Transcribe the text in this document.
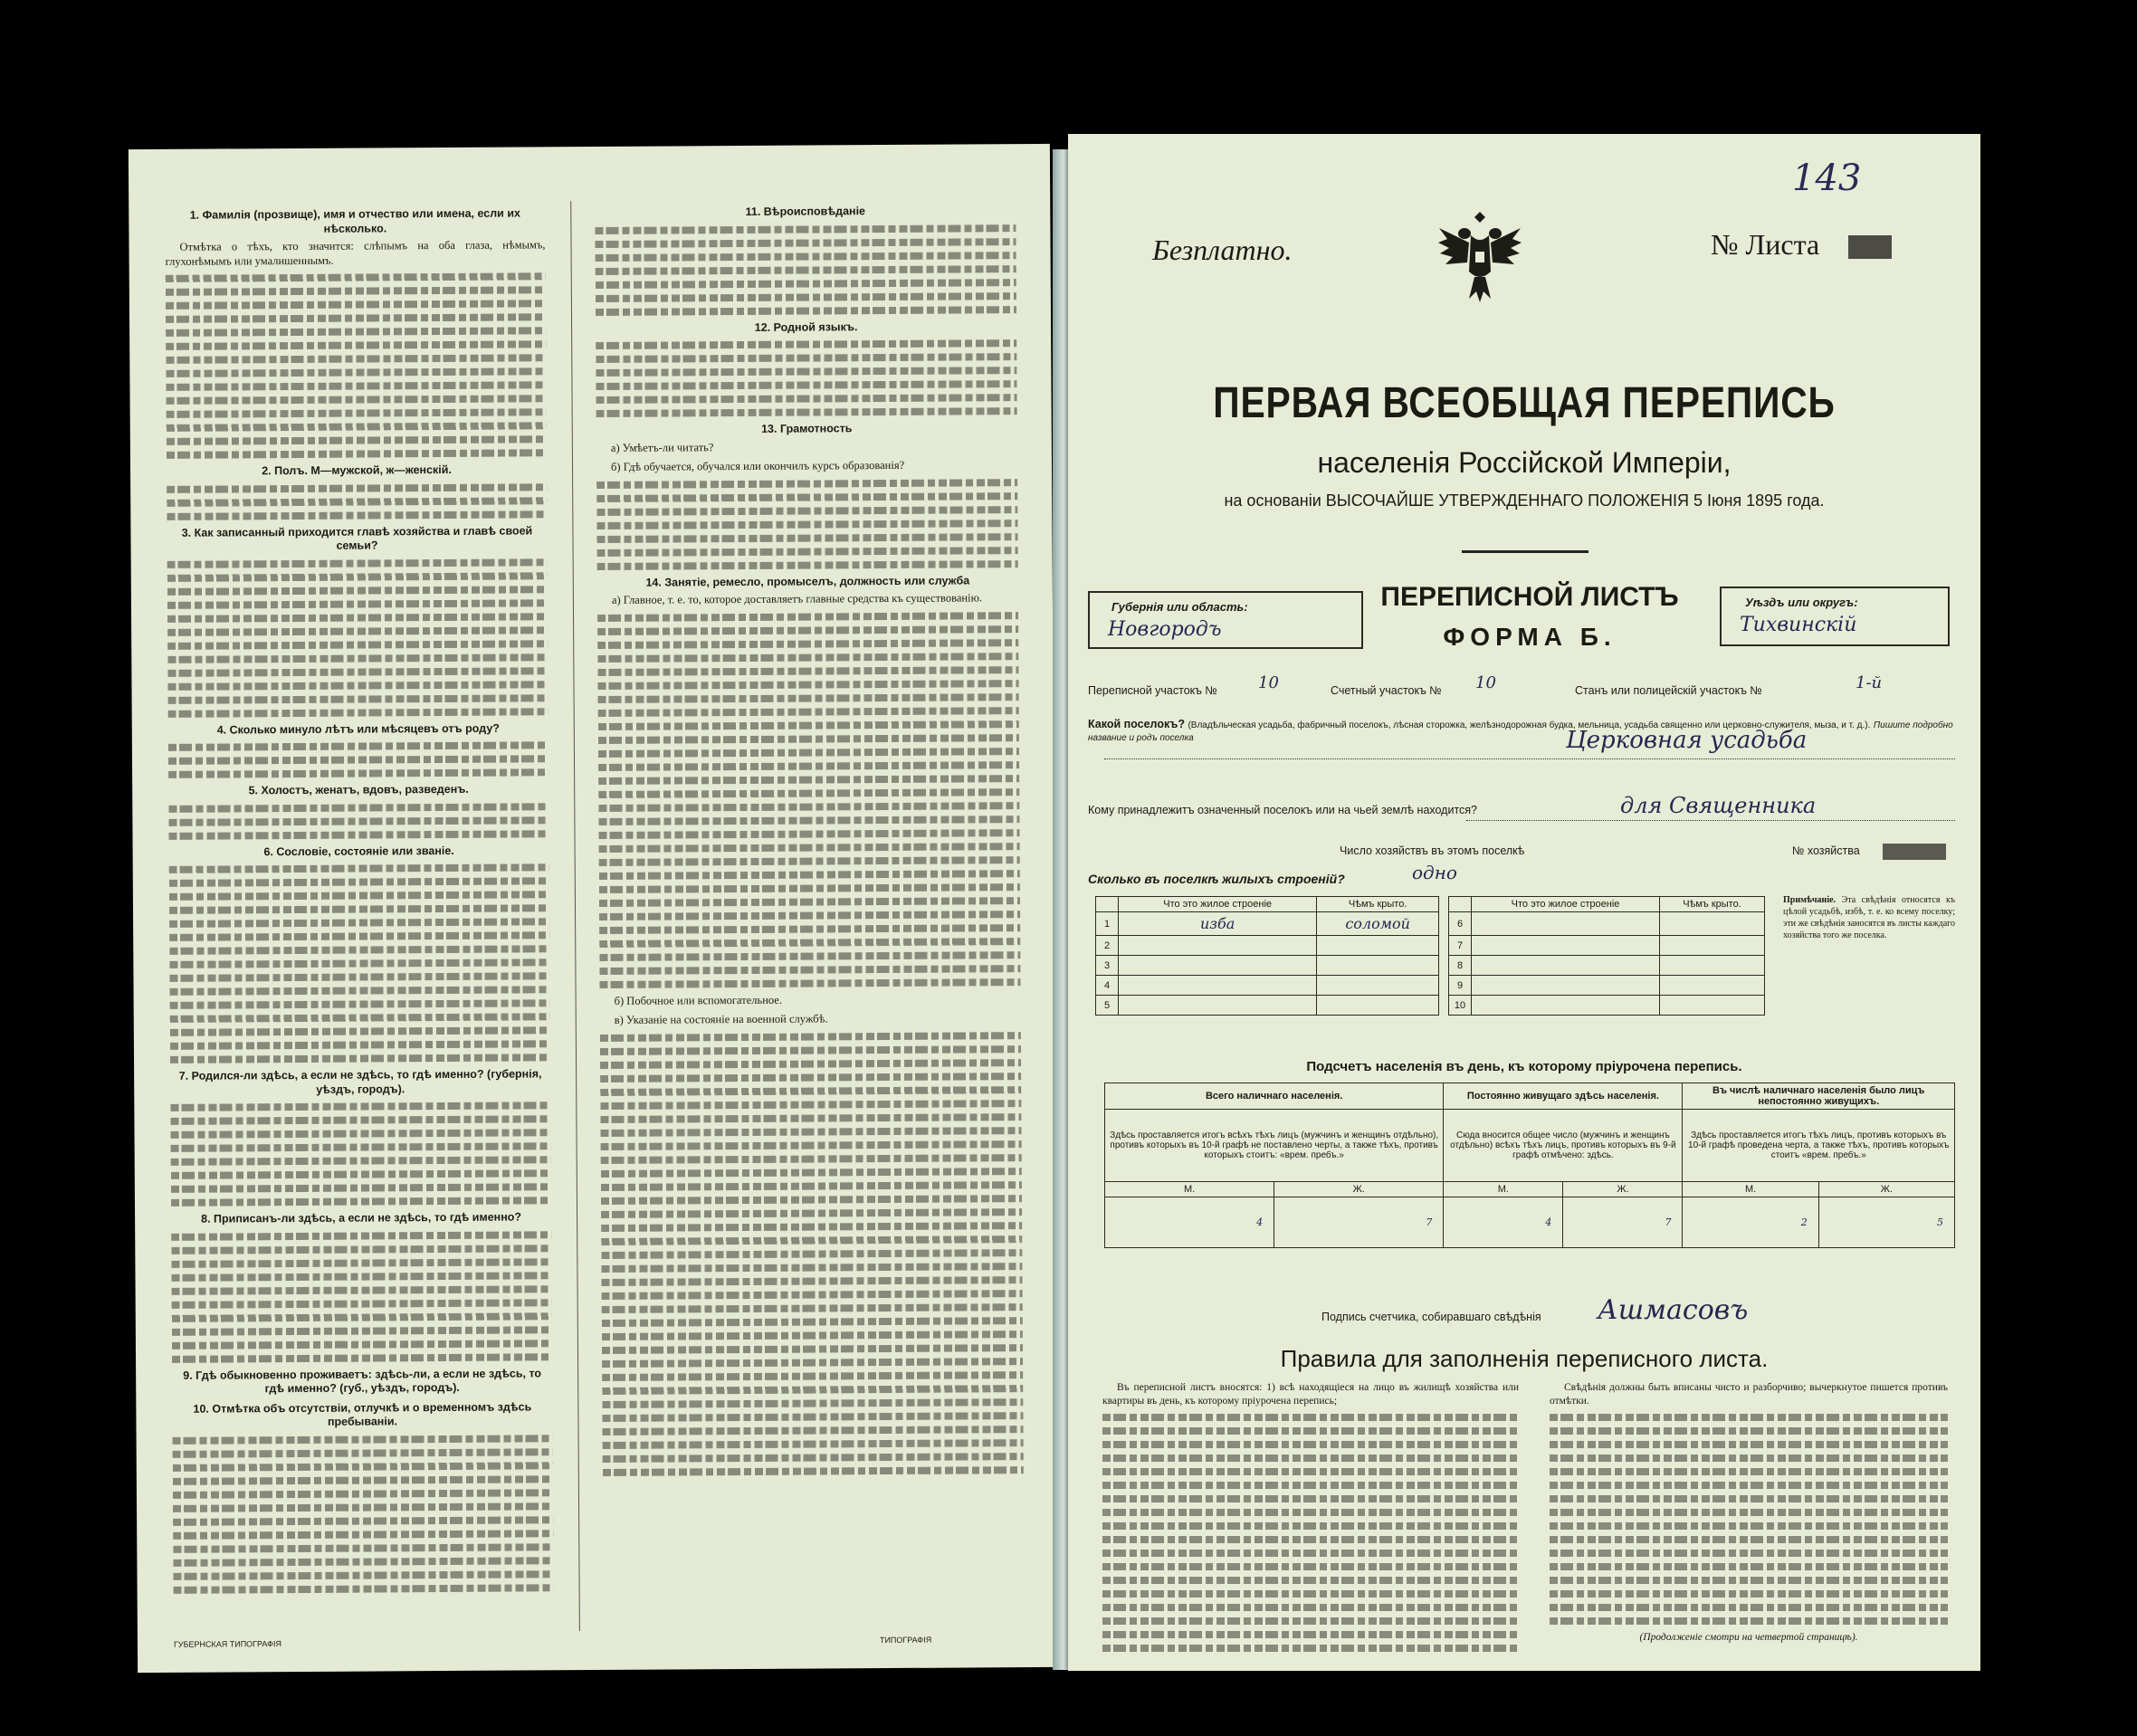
1. Фамилія (прозвище), имя и отчество или имена, если их нѣсколько.
Отмѣтка о тѣхъ, кто значится: слѣпымъ на оба глаза, нѣмымъ, глухонѣмымъ или умалишеннымъ.
2. Полъ. М—мужской, ж—женскій.
3. Как записанный приходится главѣ хозяйства и главѣ своей семьи?
4. Сколько минуло лѣтъ или мѣсяцевъ отъ роду?
5. Холостъ, женатъ, вдовъ, разведенъ.
6. Сословіе, состояніе или званіе.
7. Родился-ли здѣсь, а если не здѣсь, то гдѣ именно? (губернія, уѣздъ, городъ).
8. Приписанъ-ли здѣсь, а если не здѣсь, то гдѣ именно?
9. Гдѣ обыкновенно проживаетъ: здѣсь-ли, а если не здѣсь, то гдѣ именно? (губ., уѣздъ, городъ).
10. Отмѣтка объ отсутствіи, отлучкѣ и о временномъ здѣсь пребываніи.
11. Вѣроисповѣданіе
12. Родной языкъ.
13. Грамотность
а) Умѣетъ-ли читать?
б) Гдѣ обучается, обучался или окончилъ курсъ образованія?
14. Занятіе, ремесло, промыселъ, должность или служба
а) Главное, т. е. то, которое доставляетъ главные средства къ существованію.
б) Побочное или вспомогательное.
в) Указаніе на состояніе на военной службѣ.
ГУБЕРНСКАЯ ТИПОГРАФІЯ	ТИПОГРАФІЯ
143
Безплатно.	№ Листа
ПЕРВАЯ ВСЕОБЩАЯ ПЕРЕПИСЬ
населенія Россійской Имперіи,
на основаніи ВЫСОЧАЙШЕ УТВЕРЖДЕННАГО ПОЛОЖЕНІЯ 5 Іюня 1895 года.
Губернія или область:
Новгородъ
ПЕРЕПИСНОЙ ЛИСТЪ
ФОРМА Б.
Уѣздъ или округъ:
Тихвинскій
Переписной участокъ №	10	Счетный участокъ № 10	Станъ или полицейскій участокъ №	1-й
Какой поселокъ? (Владѣльческая усадьба, фабричный поселокъ, лѣсная сторожка, желѣзнодорожная будка, мельница, усадьба священно или церковно-служителя, мыза, и т. д.). Пишите подробно название и родъ поселка	Церковная усадьба
Кому принадлежитъ означенный поселокъ или на чьей землѣ находится?	для Священника
Число хозяйствъ въ этомъ поселкѣ	№ хозяйства
Сколько въ поселкѣ жилыхъ строеній?	одно
	Что это жилое строеніе	Чѣмъ крыто.
1	изба	соломой
2		
3		
4		
5		
	Что это жилое строеніе	Чѣмъ крыто.
6		
7		
8		
9		
10		
Примѣчаніе. Эта свѣдѣнія относятся къ цѣлой усадьбѣ, избѣ, т. е. ко всему поселку; эти же свѣдѣнія заносятся въ листы каждаго хозяйства того же поселка.
Подсчетъ населенія въ день, къ которому пріурочена перепись.
Всего наличнаго населенія.		Постоянно живущаго здѣсь населенія.		Въ числѣ наличнаго населенія было лицъ непостоянно живущихъ.	
Здѣсь проставляется итогъ всѣхъ тѣхъ лицъ (мужчинъ и женщинъ отдѣльно), противъ которыхъ въ 10-й графѣ не поставлено черты, а также тѣхъ, противъ которыхъ стоитъ: «врем. пребъ.»		Сюда вносится общее число (мужчинъ и женщинъ отдѣльно) всѣхъ тѣхъ лицъ, противъ которыхъ въ 9-й графѣ отмѣчено: здѣсь.		Здѣсь проставляется итогъ тѣхъ лицъ, противъ которыхъ въ 10-й графѣ проведена черта, а также тѣхъ, противъ которыхъ стоитъ «врем. пребъ.»	
М.	Ж.	М.	Ж.	М.	Ж.
4	7	4	7	2	5
Подпись счетчика, собиравшаго свѣдѣнія Ашмасовъ
Правила для заполненія переписного листа.
Въ переписной листъ вносятся: 1) всѣ находящіеся на лицо въ жилищѣ хозяйства или квартиры въ день, къ которому пріурочена перепись;
Свѣдѣнія должны быть вписаны чисто и разборчиво; вычеркнутое пишется противъ отмѣтки.
(Продолженіе смотри на четвертой страницѣ).
